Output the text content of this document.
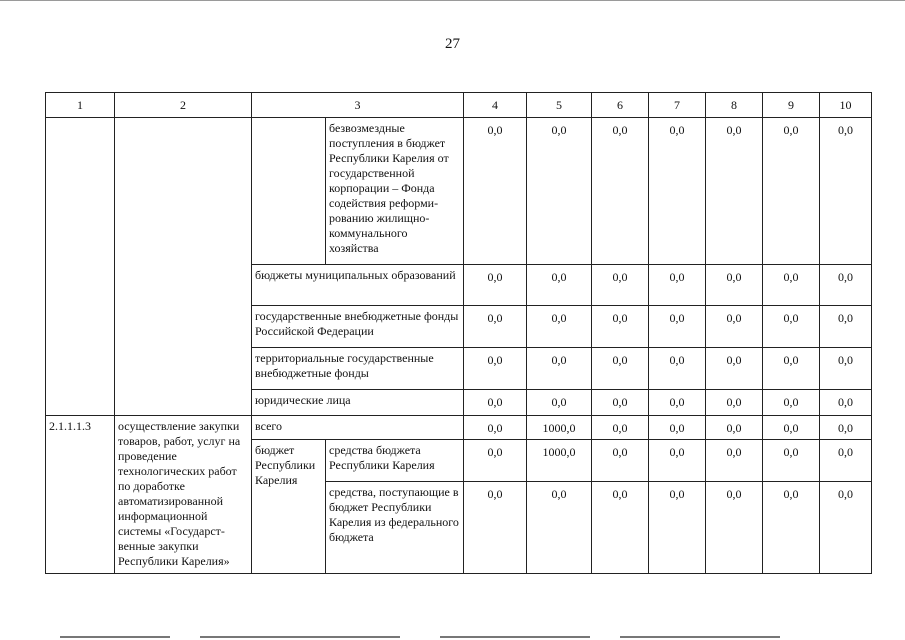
27
1	2	3		4	5	6	7	8	9	10
			безвозмездные поступления в бюджет Республики Карелия от государственной корпорации – Фонда содействия реформи-рованию жилищно-коммунального хозяйства	0,0	0,0	0,0	0,0	0,0	0,0	0,0
		бюджеты муниципальных образований		0,0	0,0	0,0	0,0	0,0	0,0	0,0
		государственные внебюджетные фонды Российской Федерации		0,0	0,0	0,0	0,0	0,0	0,0	0,0
		территориальные государственные внебюджетные фонды		0,0	0,0	0,0	0,0	0,0	0,0	0,0
		юридические лица		0,0	0,0	0,0	0,0	0,0	0,0	0,0
2.1.1.1.3	осуществление закупки товаров, работ, услуг на проведение технологических работ по доработке автоматизированной информационной системы «Государст-венные закупки Республики Карелия»	всего		0,0	1000,0	0,0	0,0	0,0	0,0	0,0
		бюджет Республики Карелия	средства бюджета Республики Карелия	0,0	1000,0	0,0	0,0	0,0	0,0	0,0
			средства, поступающие в бюджет Республики Карелия из федерального бюджета	0,0	0,0	0,0	0,0	0,0	0,0	0,0
